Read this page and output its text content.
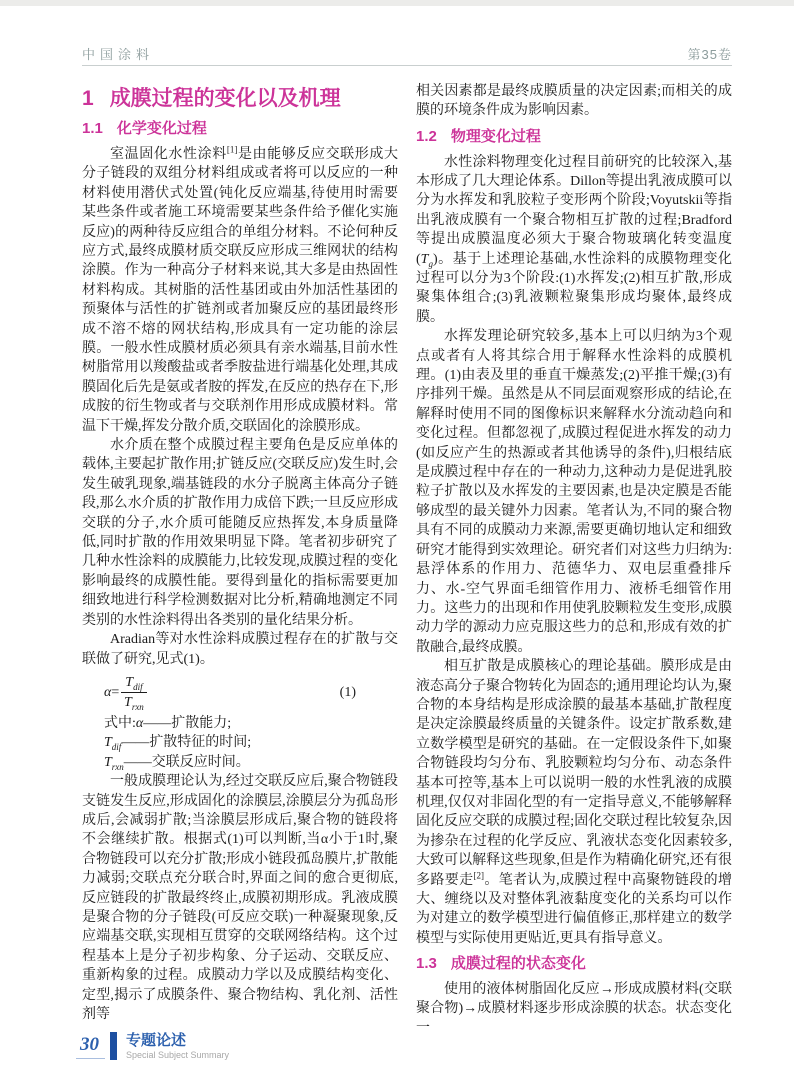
中国涂料	第35卷
1 成膜过程的变化以及机理
1.1 化学变化过程

室温固化水性涂料[1]是由能够反应交联形成大分子链段的双组分材料组成或者将可以反应的一种材料使用潜伏式处置(钝化反应端基,待使用时需要某些条件或者施工环境需要某些条件给予催化实施反应)的两种待反应组合的单组分材料。不论何种反应方式,最终成膜材质交联反应形成三维网状的结构涂膜。作为一种高分子材料来说,其大多是由热固性材料构成。其树脂的活性基团或由外加活性基团的预聚体与活性的扩链剂或者加聚反应的基团最终形成不溶不熔的网状结构,形成具有一定功能的涂层膜。一般水性成膜材质必须具有亲水端基,目前水性树脂常用以羧酸盐或者季胺盐进行端基化处理,其成膜固化后先是氨或者胺的挥发,在反应的热存在下,形成胺的衍生物或者与交联剂作用形成成膜材料。常温下干燥,挥发分散介质,交联固化的涂膜形成。

水介质在整个成膜过程主要角色是反应单体的载体,主要起扩散作用;扩链反应(交联反应)发生时,会发生破乳现象,端基链段的水分子脱离主体高分子链段,那么水介质的扩散作用力成倍下跌;一旦反应形成交联的分子,水介质可能随反应热挥发,本身质量降低,同时扩散的作用效果明显下降。笔者初步研究了几种水性涂料的成膜能力,比较发现,成膜过程的变化影响最终的成膜性能。要得到量化的指标需要更加细致地进行科学检测数据对比分析,精确地测定不同类别的水性涂料得出各类别的量化结果分析。

Aradian等对水性涂料成膜过程存在的扩散与交联做了研究,见式(1)。

$\alpha = \frac{T_{dif}}{T_{rxn}}$	(1)

式中:α——扩散能力;

$T_{dif}——$扩散特征的时间;

$T_{rxn}——$交联反应时间。

一般成膜理论认为,经过交联反应后,聚合物链段支链发生反应,形成固化的涂膜层,涂膜层分为孤岛形成后,会减弱扩散;当涂膜层形成后,聚合物的链段将不会继续扩散。根据式(1)可以判断,当α小于1时,聚合物链段可以充分扩散;形成小链段孤岛膜片,扩散能力减弱;交联点充分联合时,界面之间的愈合更彻底,反应链段的扩散最终终止,成膜初期形成。乳液成膜是聚合物的分子链段(可反应交联)一种凝聚现象,反应端基交联,实现相互贯穿的交联网络结构。这个过程基本上是分子初步构象、分子运动、交联反应、重新构象的过程。成膜动力学以及成膜结构变化、定型,揭示了成膜条件、聚合物结构、乳化剂、活性剂等

相关因素都是最终成膜质量的决定因素;而相关的成膜的环境条件成为影响因素。

1.2 物理变化过程

水性涂料物理变化过程目前研究的比较深入,基本形成了几大理论体系。Dillon等提出乳液成膜可以分为水挥发和乳胶粒子变形两个阶段;Voyutskii等指出乳液成膜有一个聚合物相互扩散的过程;Bradford等提出成膜温度必须大于聚合物玻璃化转变温度$(T_g)$。基于上述理论基础,水性涂料的成膜物理变化过程可以分为3个阶段:(1)水挥发;(2)相互扩散,形成聚集体组合;(3)乳液颗粒聚集形成均聚体,最终成膜。

水挥发理论研究较多,基本上可以归纳为3个观点或者有人将其综合用于解释水性涂料的成膜机理。(1)由表及里的垂直干燥蒸发;(2)平推干燥;(3)有序排列干燥。虽然是从不同层面观察形成的结论,在解释时使用不同的图像标识来解释水分流动趋向和变化过程。但都忽视了,成膜过程促进水挥发的动力(如反应产生的热源或者其他诱导的条件),归根结底是成膜过程中存在的一种动力,这种动力是促进乳胶粒子扩散以及水挥发的主要因素,也是决定膜是否能够成型的最关键外力因素。笔者认为,不同的聚合物具有不同的成膜动力来源,需要更确切地认定和细致研究才能得到实效理论。研究者们对这些力归纳为:悬浮体系的作用力、范德华力、双电层重叠排斥力、水-空气界面毛细管作用力、液桥毛细管作用力。这些力的出现和作用使乳胶颗粒发生变形,成膜动力学的源动力应克服这些力的总和,形成有效的扩散融合,最终成膜。

相互扩散是成膜核心的理论基础。膜形成是由液态高分子聚合物转化为固态的;通用理论均认为,聚合物的本身结构是形成涂膜的最基本基础,扩散程度是决定涂膜最终质量的关键条件。设定扩散系数,建立数学模型是研究的基础。在一定假设条件下,如聚合物链段均匀分布、乳胶颗粒均匀分布、动态条件基本可控等,基本上可以说明一般的水性乳液的成膜机理,仅仅对非固化型的有一定指导意义,不能够解释固化反应交联的成膜过程;固化交联过程比较复杂,因为掺杂在过程的化学反应、乳液状态变化因素较多,大致可以解释这些现象,但是作为精确化研究,还有很多路要走[2]。笔者认为,成膜过程中高聚物链段的增大、缠绕以及对整体乳液黏度变化的关系均可以作为对建立的数学模型进行偏值修正,那样建立的数学模型与实际使用更贴近,更具有指导意义。

1.3 成膜过程的状态变化

使用的液体树脂固化反应→形成成膜材料(交联聚合物)→成膜材料逐步形成涂膜的状态。状态变化一

30	专题论述
Special Subject Summary
